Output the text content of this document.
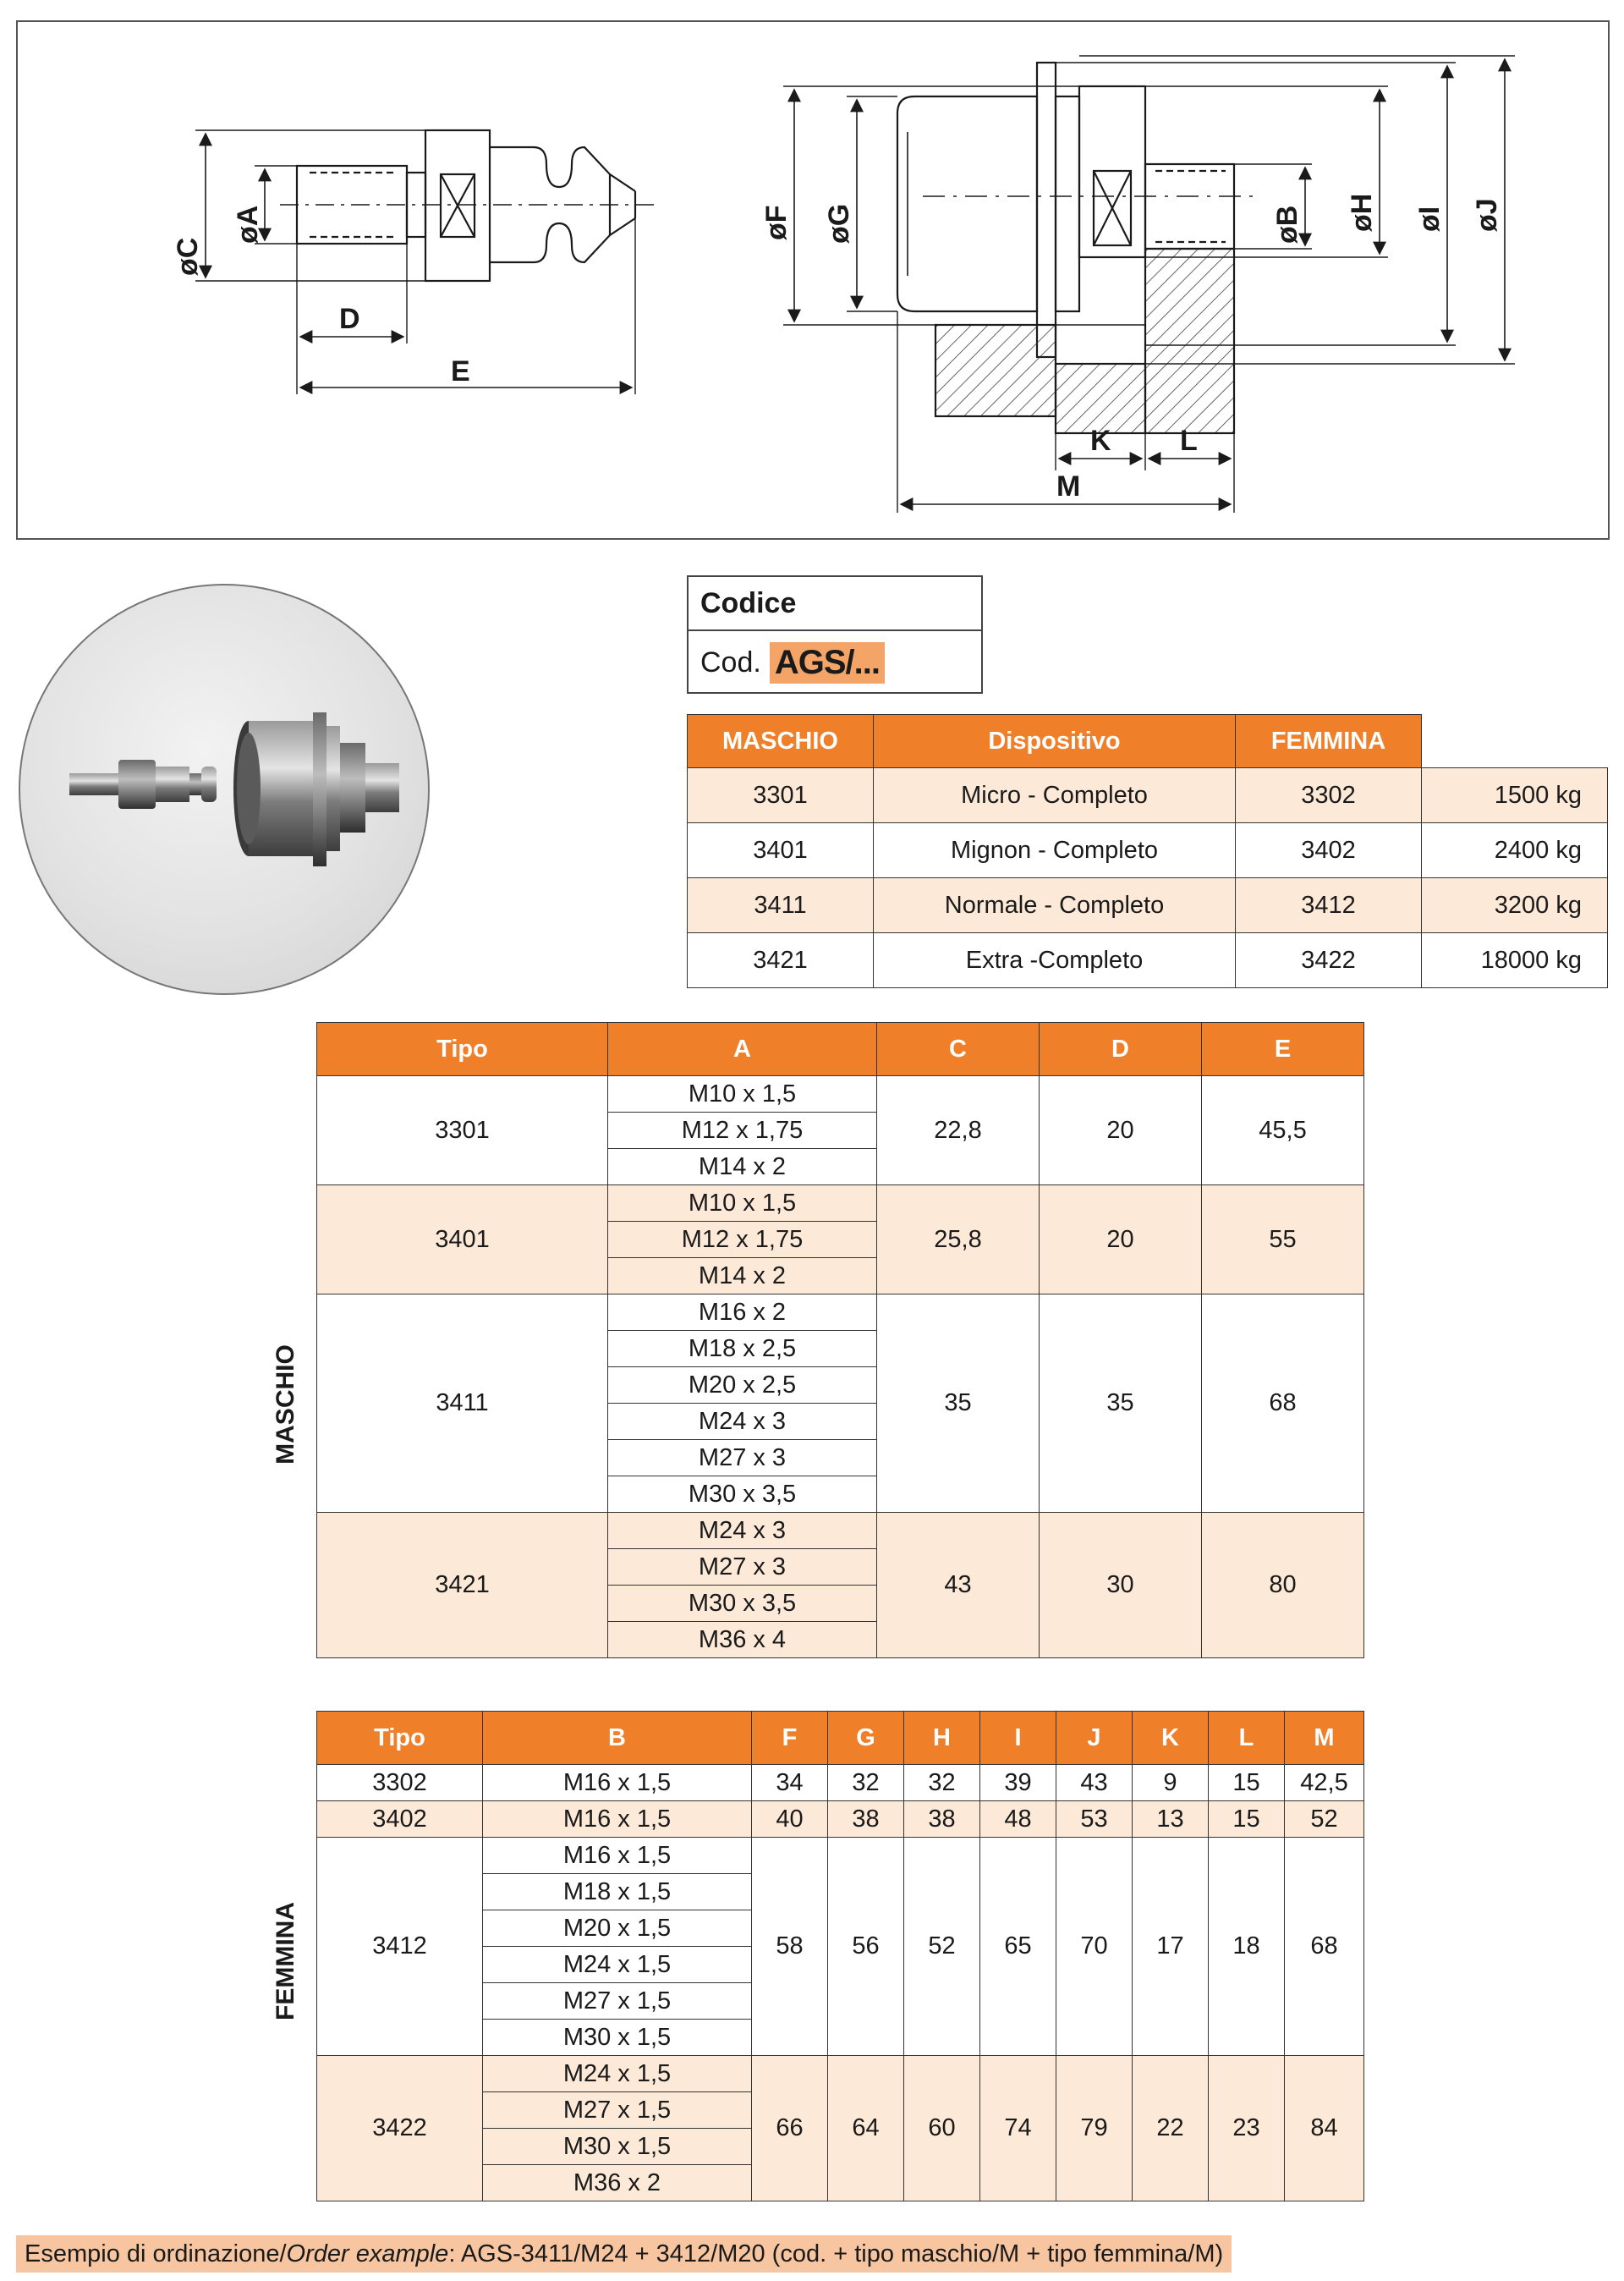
øC
øA
D
E
øF øG	øB øH øI øJ
K L
M
Codice
Cod. AGS/...
MASCHIO	Dispositivo	FEMMINA	
3301	Micro - Completo	3302	1500 kg
3401	Mignon - Completo	3402	2400 kg
3411	Normale - Completo	3412	3200 kg
3421	Extra -Completo	3422	18000 kg
MASCHIO
Tipo	A	C	D	E
3301	M10 x 1,5	22,8	20	45,5
	M12 x 1,75			
	M14 x 2			
3401	M10 x 1,5	25,8	20	55
	M12 x 1,75			
	M14 x 2			
3411	M16 x 2	35	35	68
	M18 x 2,5			
	M20 x 2,5			
	M24 x 3			
	M27 x 3			
	M30 x 3,5			
3421	M24 x 3	43	30	80
	M27 x 3			
	M30 x 3,5			
	M36 x 4			
FEMMINA
Tipo	B	F	G	H	I	J	K	L	M
3302	M16 x 1,5	34	32	32	39	43	9	15	42,5
3402	M16 x 1,5	40	38	38	48	53	13	15	52
3412	M16 x 1,5	58	56	52	65	70	17	18	68
	M18 x 1,5								
	M20 x 1,5								
	M24 x 1,5								
	M27 x 1,5								
	M30 x 1,5								
3422	M24 x 1,5	66	64	60	74	79	22	23	84
	M27 x 1,5								
	M30 x 1,5								
	M36 x 2								
Esempio di ordinazione/Order example: AGS-3411/M24 + 3412/M20 (cod. + tipo maschio/M + tipo femmina/M)
